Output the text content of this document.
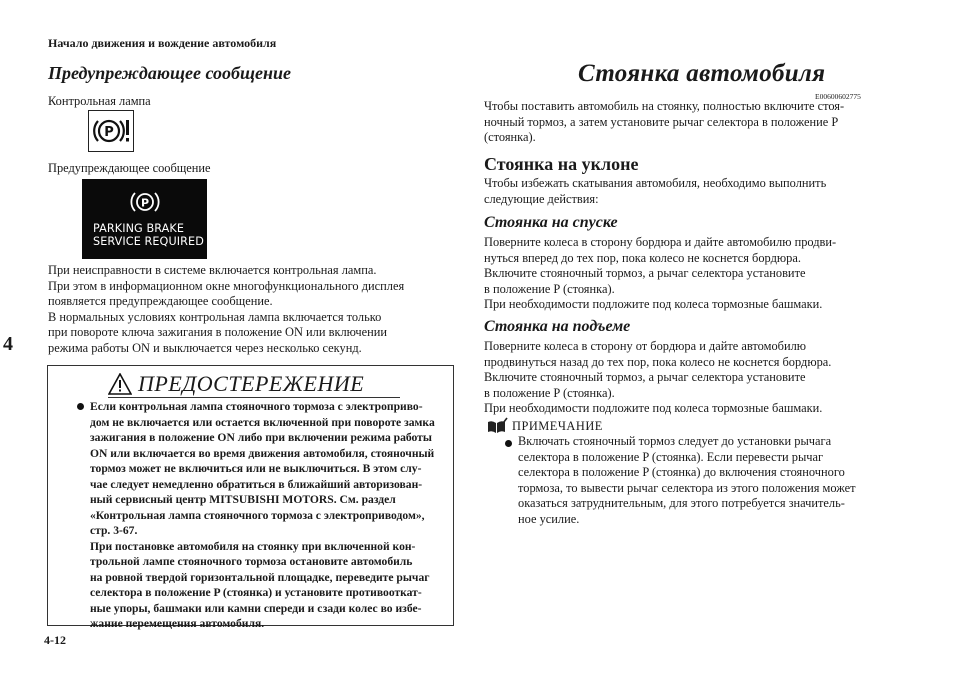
Начало движения и вождение автомобиля
4
4-12
Предупреждающее сообщение
Контрольная лампа
P
Предупреждающее сообщение
P
PARKING BRAKE
SERVICE REQUIRED
При неисправности в системе включается контрольная лампа.
При этом в информационном окне многофункционального дисплея
появляется предупреждающее сообщение.
В нормальных условиях контрольная лампа включается только
при повороте ключа зажигания в положение ON или включении
режима работы ON и выключается через несколько секунд.
ПРЕДОСТЕРЕЖЕНИЕ
Если контрольная лампа стояночного тормоза с электроприво-
дом не включается или остается включенной при повороте замка
зажигания в положение ON либо при включении режима работы
ON или включается во время движения автомобиля, стояночный
тормоз может не включиться или не выключиться. В этом слу-
чае следует немедленно обратиться в ближайший авторизован-
ный сервисный центр MITSUBISHI MOTORS. См. раздел
«Контрольная лампа стояночного тормоза с электроприводом»,
стр. 3-67.
При постановке автомобиля на стоянку при включенной кон-
трольной лампе стояночного тормоза остановите автомобиль
на ровной твердой горизонтальной площадке, переведите рычаг
селектора в положение P (стоянка) и установите противооткат-
ные упоры, башмаки или камни спереди и сзади колес во избе-
жание перемещения автомобиля.
Стоянка автомобиля
E00600602775
Чтобы поставить автомобиль на стоянку, полностью включите стоя-
ночный тормоз, а затем установите рычаг селектора в положение P
(стоянка).
Стоянка на уклоне
Чтобы избежать скатывания автомобиля, необходимо выполнить
следующие действия:
Стоянка на спуске
Поверните колеса в сторону бордюра и дайте автомобилю продви-
нуться вперед до тех пор, пока колесо не коснется бордюра.
Включите стояночный тормоз, а рычаг селектора установите
в положение P (стоянка).
При необходимости подложите под колеса тормозные башмаки.
Стоянка на подъеме
Поверните колеса в сторону от бордюра и дайте автомобилю
продвинуться назад до тех пор, пока колесо не коснется бордюра.
Включите стояночный тормоз, а рычаг селектора установите
в положение P (стоянка).
При необходимости подложите под колеса тормозные башмаки.
ПРИМЕЧАНИЕ
Включать стояночный тормоз следует до установки рычага
селектора в положение P (стоянка). Если перевести рычаг
селектора в положение P (стоянка) до включения стояночного
тормоза, то вывести рычаг селектора из этого положения может
оказаться затруднительным, для этого потребуется значитель-
ное усилие.
